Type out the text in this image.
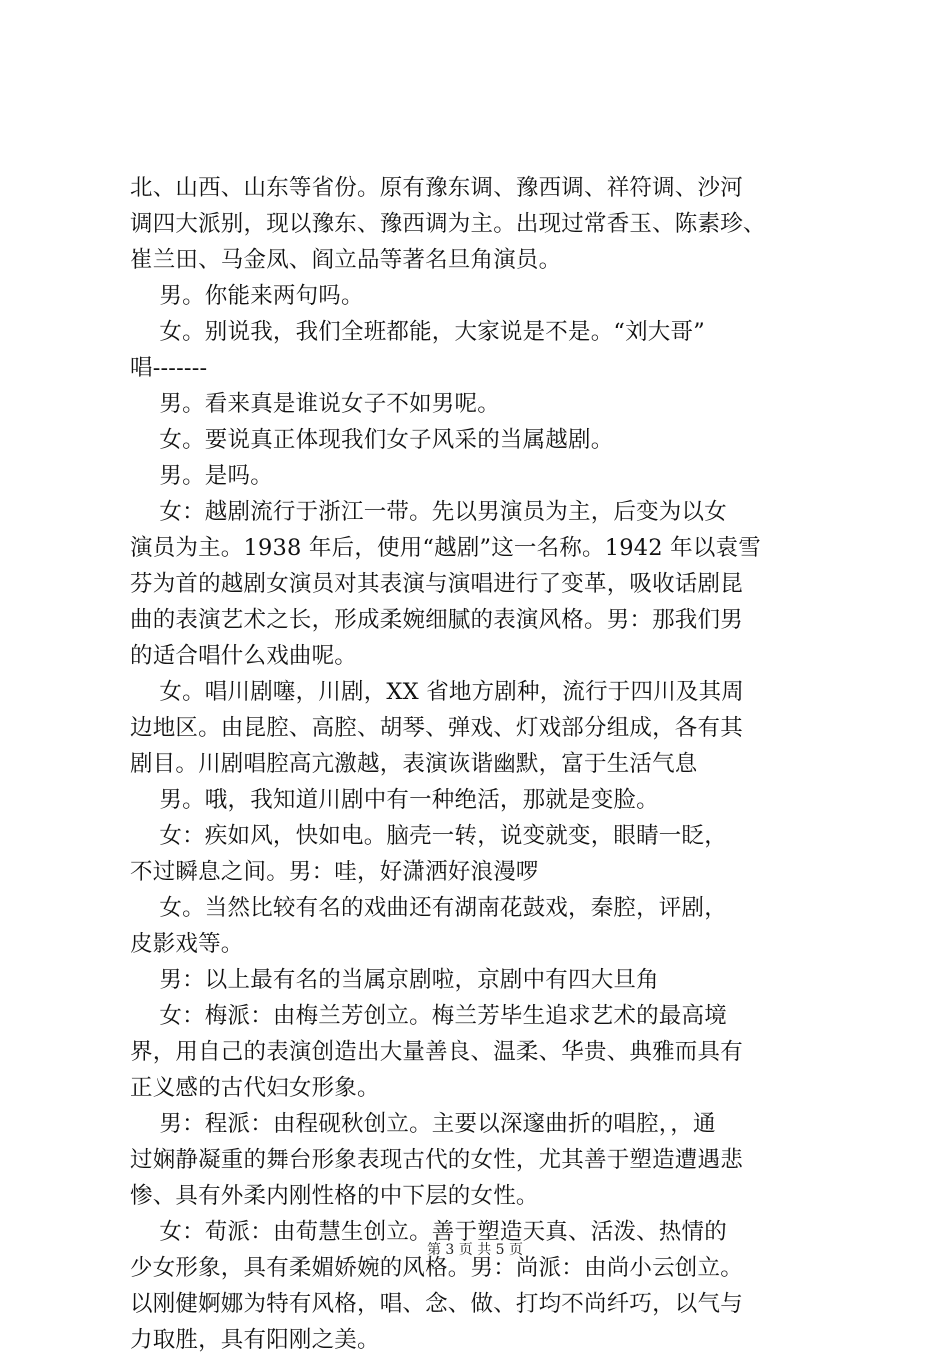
北、山西、山东等省份。原有豫东调、豫西调、祥符调、沙河
调四大派别，现以豫东、豫西调为主。出现过常香玉、陈素珍、
崔兰田、马金凤、阎立品等著名旦角演员。
男。你能来两句吗。
女。别说我，我们全班都能，大家说是不是。“刘大哥”
唱-------
男。看来真是谁说女子不如男呢。
女。要说真正体现我们女子风采的当属越剧。
男。是吗。
女：越剧流行于浙江一带。先以男演员为主，后变为以女
演员为主。1938 年后，使用“越剧”这一名称。1942 年以袁雪
芬为首的越剧女演员对其表演与演唱进行了变革，吸收话剧昆
曲的表演艺术之长，形成柔婉细腻的表演风格。男：那我们男
的适合唱什么戏曲呢。
女。唱川剧噻，川剧，XX 省地方剧种，流行于四川及其周
边地区。由昆腔、高腔、胡琴、弹戏、灯戏部分组成，各有其
剧目。川剧唱腔高亢激越，表演诙谐幽默，富于生活气息
男。哦，我知道川剧中有一种绝活，那就是变脸。
女：疾如风，快如电。脑壳一转，说变就变，眼睛一眨，
不过瞬息之间。男：哇，好潇洒好浪漫啰
女。当然比较有名的戏曲还有湖南花鼓戏，秦腔，评剧，
皮影戏等。
男：以上最有名的当属京剧啦，京剧中有四大旦角
女：梅派：由梅兰芳创立。梅兰芳毕生追求艺术的最高境
界，用自己的表演创造出大量善良、温柔、华贵、典雅而具有
正义感的古代妇女形象。
男：程派：由程砚秋创立。主要以深邃曲折的唱腔，，通
过娴静凝重的舞台形象表现古代的女性，尤其善于塑造遭遇悲
惨、具有外柔内刚性格的中下层的女性。
女：荀派：由荀慧生创立。善于塑造天真、活泼、热情的
少女形象，具有柔媚娇婉的风格。男：尚派：由尚小云创立。
以刚健婀娜为特有风格，唱、念、做、打均不尚纤巧，以气与
力取胜，具有阳刚之美。
第 3 页 共 5 页
